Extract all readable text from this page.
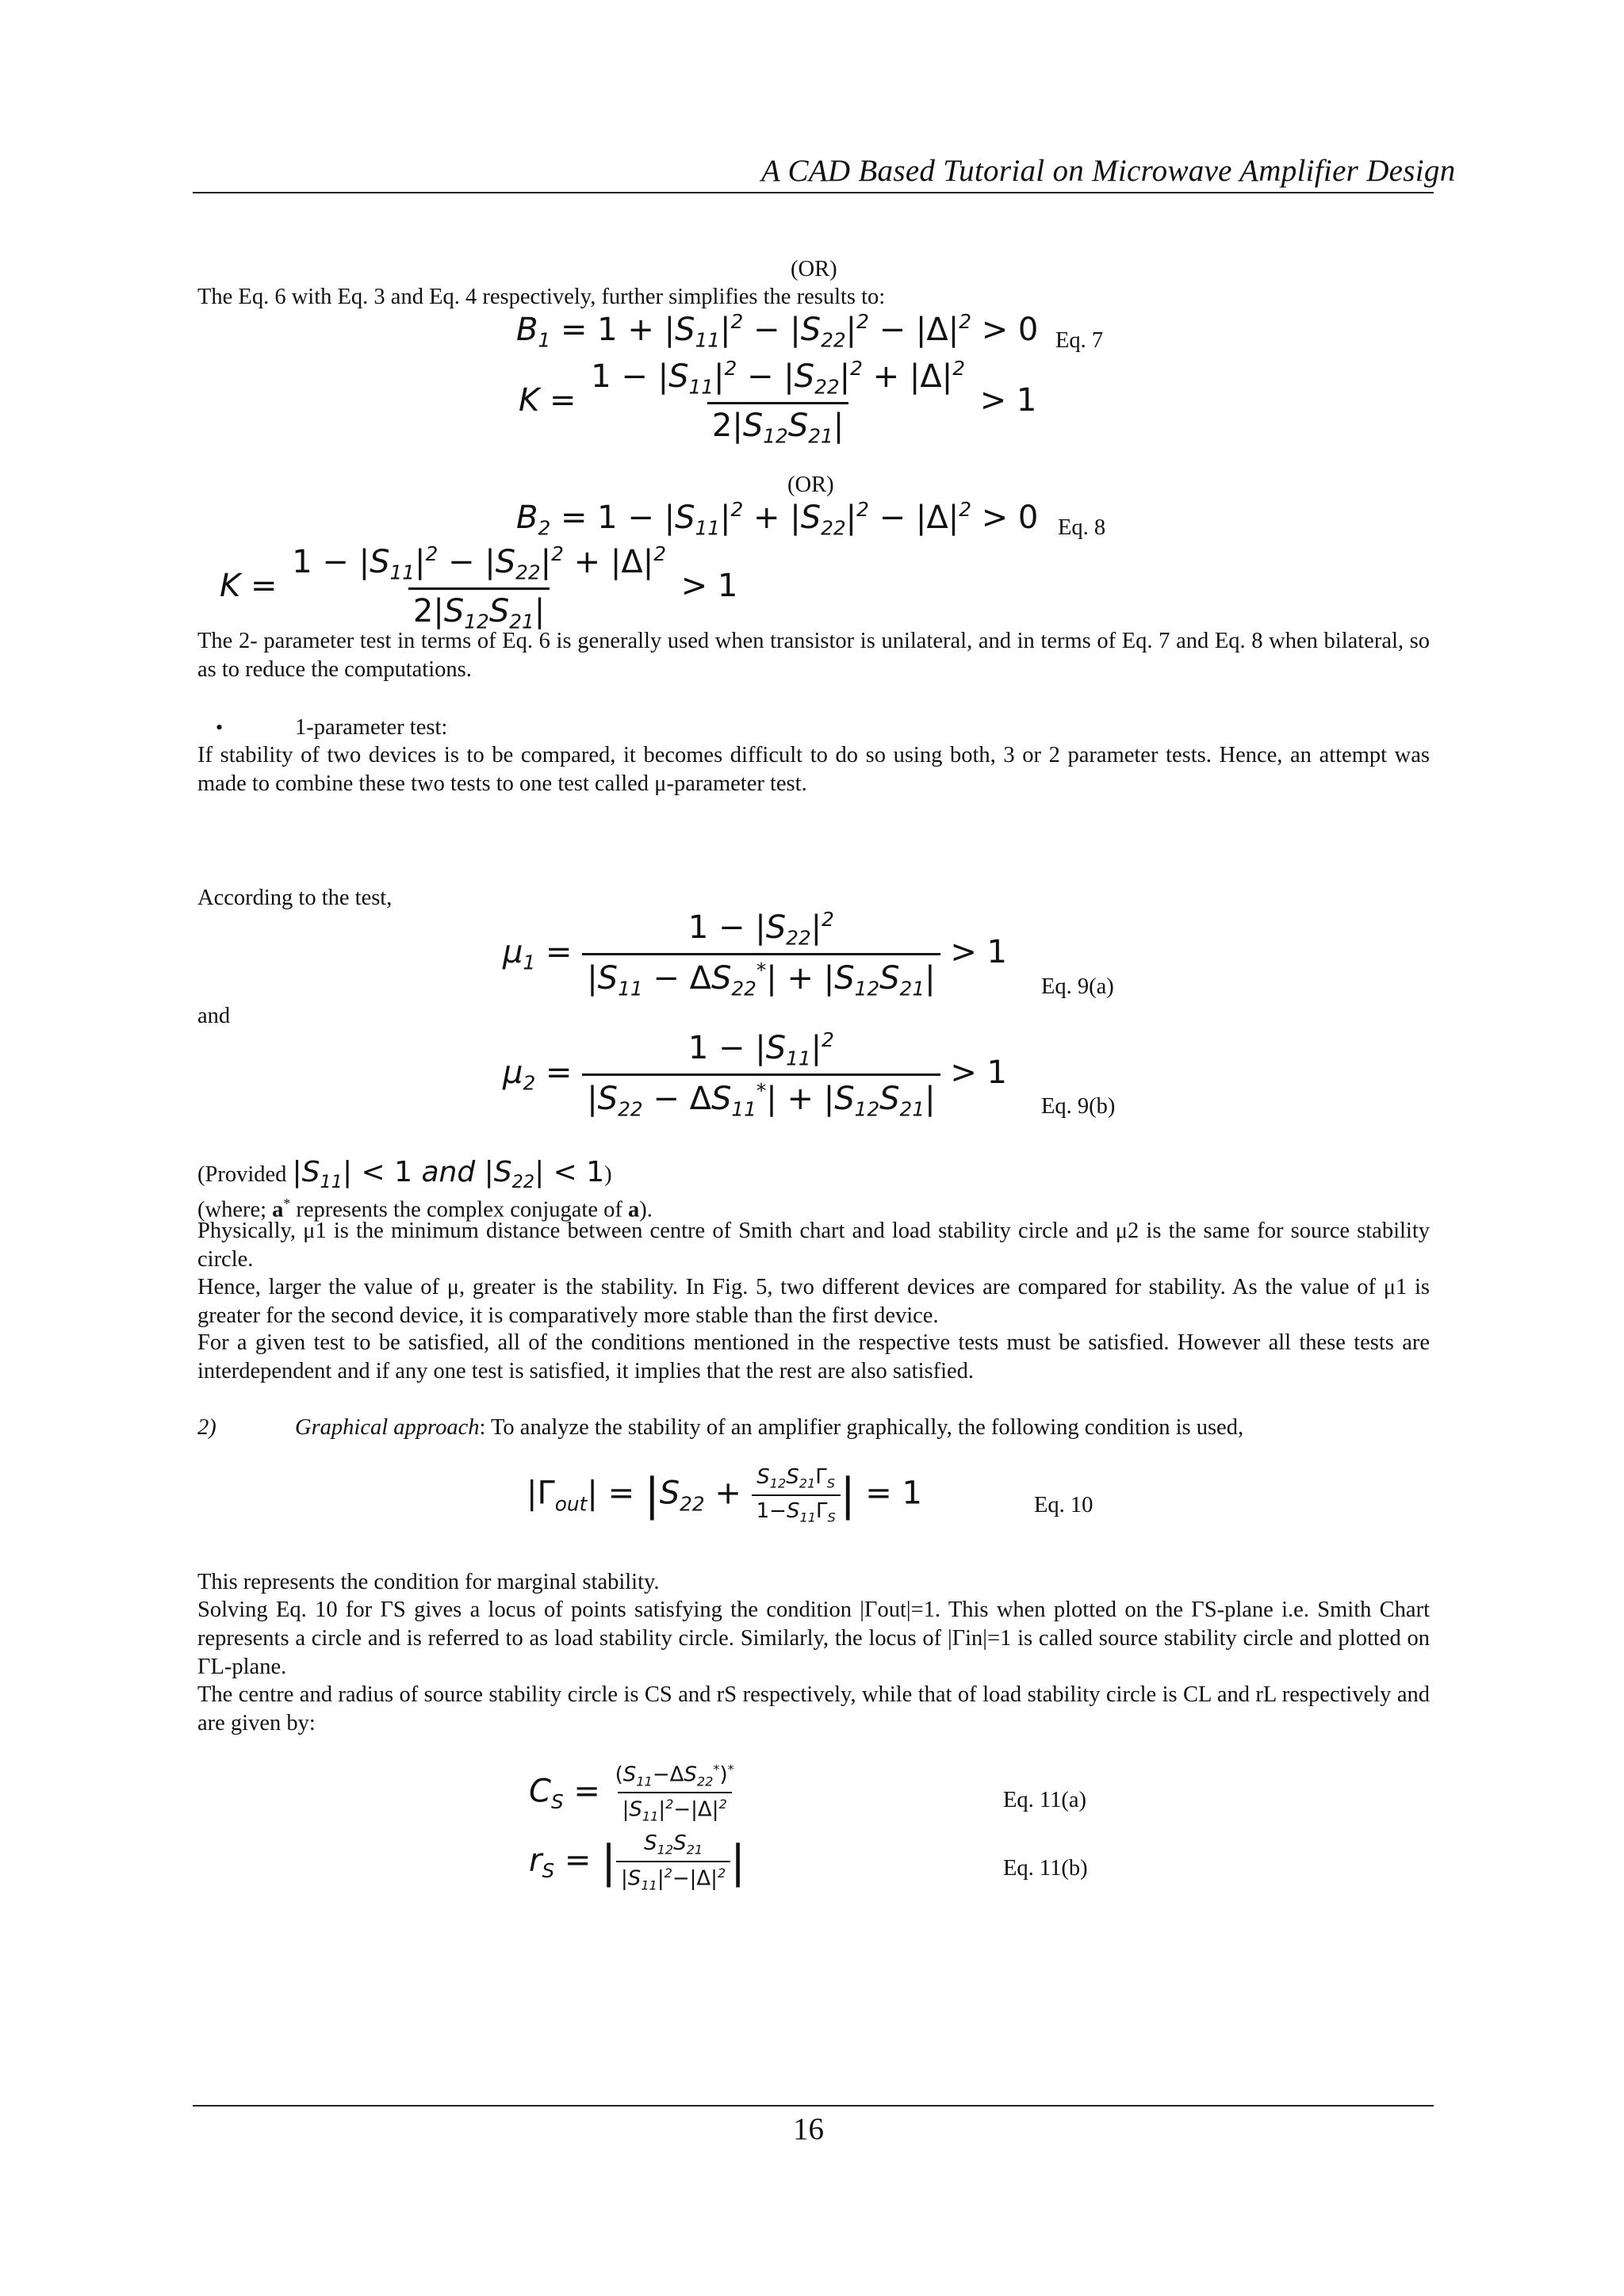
A CAD Based Tutorial on Microwave Amplifier Design
(OR)
The Eq. 6 with Eq. 3 and Eq. 4 respectively, further simplifies the results to:
$B_1 = 1 + |S_{11}|^2 - |S_{22}|^2 - |\Delta|^2 > 0$ Eq. 7
$K = \frac{1 - |S_{11}|^2 - |S_{22}|^2 + |\Delta|^2}{2|S_{12}S_{21}|} > 1$
(OR)
$B_2 = 1 - |S_{11}|^2 + |S_{22}|^2 - |\Delta|^2 > 0$ Eq. 8
$K = \frac{1 - |S_{11}|^2 - |S_{22}|^2 + |\Delta|^2}{2|S_{12}S_{21}|} > 1$
The 2- parameter test in terms of Eq. 6 is generally used when transistor is unilateral, and in terms of Eq. 7 and Eq. 8 when bilateral, so as to reduce the computations.
•	1-parameter test:
If stability of two devices is to be compared, it becomes difficult to do so using both, 3 or 2 parameter tests. Hence, an attempt was made to combine these two tests to one test called μ-parameter test.
According to the test,
$\mu_1 = \frac{1 - |S_{22}|^2}{|S_{11} - \Delta S_{22}^*| + |S_{12}S_{21}|} > 1$
Eq. 9(a)
and
$\mu_2 = \frac{1 - |S_{11}|^2}{|S_{22} - \Delta S_{11}^*| + |S_{12}S_{21}|} > 1$
Eq. 9(b)
(Provided $|S_{11}| < 1$ and $|S_{22}| < 1$)
(where; a* represents the complex conjugate of a).
Physically, μ1 is the minimum distance between centre of Smith chart and load stability circle and μ2 is the same for source stability circle.
Hence, larger the value of μ, greater is the stability. In Fig. 5, two different devices are compared for stability. As the value of μ1 is greater for the second device, it is comparatively more stable than the first device.
For a given test to be satisfied, all of the conditions mentioned in the respective tests must be satisfied. However all these tests are interdependent and if any one test is satisfied, it implies that the rest are also satisfied.
2)	Graphical approach: To analyze the stability of an amplifier graphically, the following condition is used,
$|\Gamma_{out}| = |S_{22} + \frac{S_{12}S_{21}\Gamma_S}{1-S_{11}\Gamma_S}$ | = 1	Eq. 10
This represents the condition for marginal stability.
Solving Eq. 10 for ΓS gives a locus of points satisfying the condition |Γout|=1. This when plotted on the ΓS-plane i.e. Smith Chart represents a circle and is referred to as load stability circle. Similarly, the locus of |Γin|=1 is called source stability circle and plotted on ΓL-plane.
The centre and radius of source stability circle is CS and rS respectively, while that of load stability circle is CL and rL respectively and are given by:
$C_S = \frac{(S_{11}-\Delta S_{22}^*)^*}{|S_{11}|^2-|\Delta|^2}$	Eq. 11(a)
$r_S$ = | $\frac{S_{12}S_{21}}{|S_{11}|^2-|\Delta|^2}$ |	Eq. 11(b)
16
